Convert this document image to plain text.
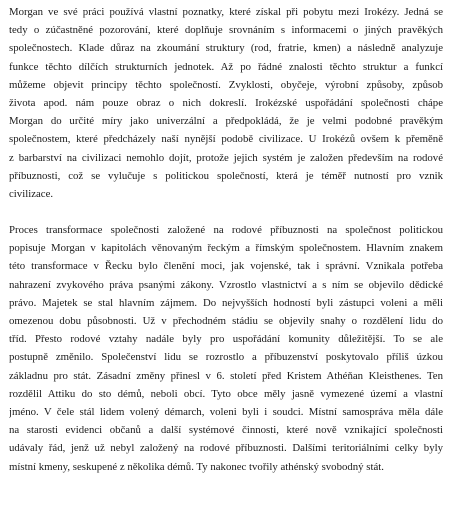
Morgan ve své práci používá vlastní poznatky, které získal při pobytu mezi Irokézy. Jedná se
tedy o zúčastněné pozorování, které doplňuje srovnáním s informacemi o jiných pravěkých
společnostech. Klade důraz na zkoumání struktury (rod, fratrie, kmen) a následně analyzuje
funkce těchto dílčích strukturních jednotek. Až po řádné znalosti těchto struktur a funkcí
můžeme objevit principy těchto společností. Zvyklosti, obyčeje, výrobní způsoby, způsob
života apod. nám pouze obraz o nich dokreslí. Irokézské uspořádání společnosti chápe
Morgan do určité míry jako univerzální a předpokládá, že je velmi podobné pravěkým
společnostem, které předcházely naší nynější podobě civilizace. U Irokézů ovšem k přeměně
z barbarství na civilizaci nemohlo dojít, protože jejich systém je založen především na rodové
příbuznosti, což se vylučuje s politickou společností, která je téměř nutností pro vznik
civilizace.
Proces transformace společnosti založené na rodové příbuznosti na společnost politickou
popisuje Morgan v kapitolách věnovaným řeckým a římským společnostem. Hlavním znakem
této transformace v Řecku bylo členění moci, jak vojenské, tak i správní. Vznikala potřeba
nahrazení zvykového práva psanými zákony. Vzrostlo vlastnictví a s ním se objevilo dědické
právo. Majetek se stal hlavním zájmem. Do nejvyšších hodností byli zástupci voleni a měli
omezenou dobu působnosti. Už v přechodném stádiu se objevily snahy o rozdělení lidu do
tříd. Přesto rodové vztahy nadále byly pro uspořádání komunity důležitější. To se ale
postupně změnilo. Společenství lidu se rozrostlo a příbuzenství poskytovalo příliš úzkou
základnu pro stát. Zásadní změny přinesl v 6. století před Kristem Athéňan Kleisthenes. Ten
rozdělil Attiku do sto démů, neboli obcí. Tyto obce měly jasně vymezené území a vlastní
jméno. V čele stál lidem volený démarch, voleni byli i soudci. Místní samospráva měla dále
na starosti evidenci občanů a další systémové činnosti, které nově vznikající společnosti
udávaly řád, jenž už nebyl založený na rodové příbuznosti. Dalšími teritoriálními celky byly
místní kmeny, seskupené z několika démů. Ty nakonec tvořily athénský svobodný stát.
